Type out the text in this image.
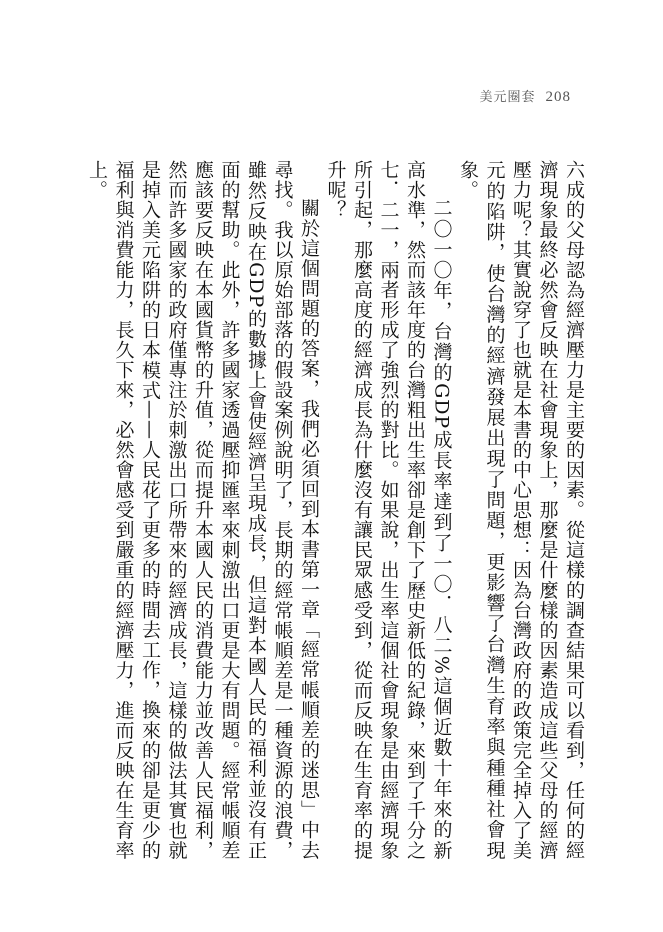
美元圈套 208

六成的父母認為經濟壓力是主要的因素。從這樣的調查結果可以看到，任何的經濟現象最終必然會反映在社會現象上，那麼是什麼樣的因素造成這些父母的經濟壓力呢？其實說穿了也就是本書的中心思想：因為台灣政府的政策完全掉入了美元的陷阱，使台灣的經濟發展出現了問題，更影響了台灣生育率與種種社會現象。

二〇一〇年，台灣的GDP成長率達到了一〇．八二%這個近數十年來的新高水準，然而該年度的台灣粗出生率卻是創下了歷史新低的紀錄，來到了千分之七．二一，兩者形成了強烈的對比。如果說，出生率這個社會現象是由經濟現象所引起，那麼高度的經濟成長為什麼沒有讓民眾感受到，從而反映在生育率的提升呢？

關於這個問題的答案，我們必須回到本書第一章「經常帳順差的迷思」中去尋找。我以原始部落的假設案例說明了，長期的經常帳順差是一種資源的浪費，雖然反映在GDP的數據上會使經濟呈現成長，但這對本國人民的福利並沒有正面的幫助。此外，許多國家透過壓抑匯率來刺激出口更是大有問題。經常帳順差應該要反映在本國貨幣的升值，從而提升本國人民的消費能力並改善人民福利，然而許多國家的政府僅專注於刺激出口所帶來的經濟成長，這樣的做法其實也就是掉入美元陷阱的日本模式——人民花了更多的時間去工作，換來的卻是更少的福利與消費能力，長久下來，必然會感受到嚴重的經濟壓力，進而反映在生育率上。
